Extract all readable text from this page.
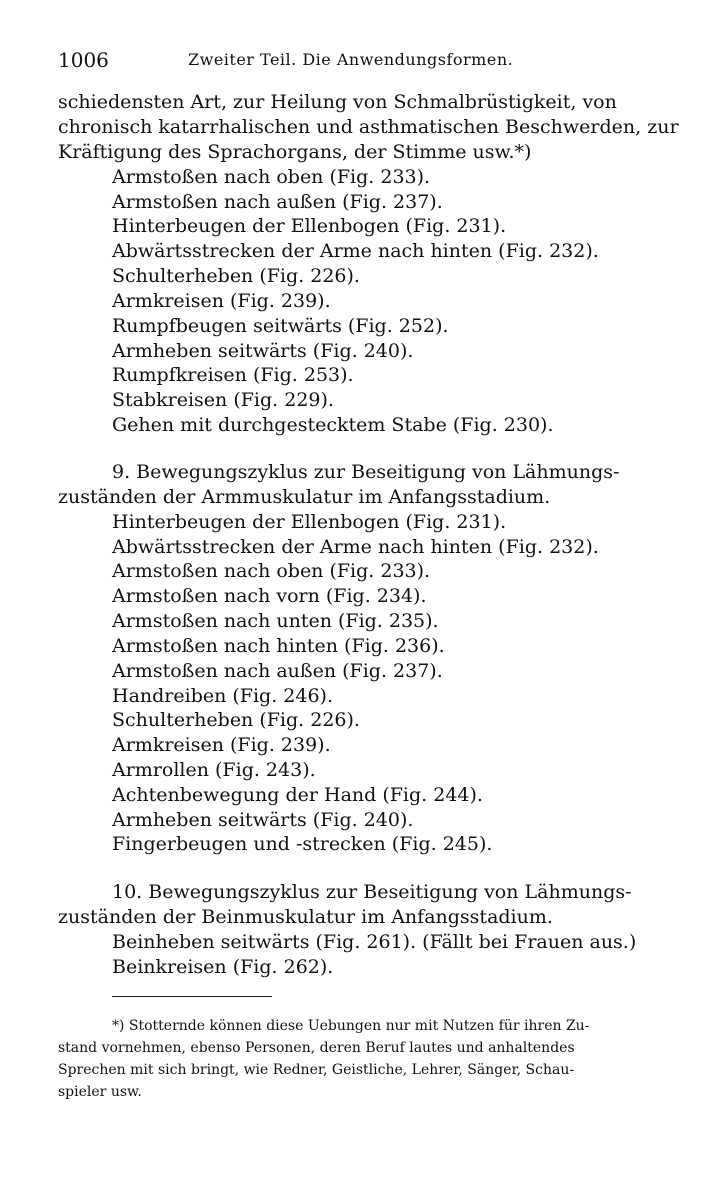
1006	Zweiter Teil. Die Anwendungsformen.
schiedensten Art, zur Heilung von Schmalbrüstigkeit, von
chronisch katarrhalischen und asthmatischen Beschwerden, zur
Kräftigung des Sprachorgans, der Stimme usw.*)
Armstoßen nach oben (Fig. 233).
Armstoßen nach außen (Fig. 237).
Hinterbeugen der Ellenbogen (Fig. 231).
Abwärtsstrecken der Arme nach hinten (Fig. 232).
Schulterheben (Fig. 226).
Armkreisen (Fig. 239).
Rumpfbeugen seitwärts (Fig. 252).
Armheben seitwärts (Fig. 240).
Rumpfkreisen (Fig. 253).
Stabkreisen (Fig. 229).
Gehen mit durchgestecktem Stabe (Fig. 230).
9. Bewegungszyklus zur Beseitigung von Lähmungs-
zuständen der Armmuskulatur im Anfangsstadium.
Hinterbeugen der Ellenbogen (Fig. 231).
Abwärtsstrecken der Arme nach hinten (Fig. 232).
Armstoßen nach oben (Fig. 233).
Armstoßen nach vorn (Fig. 234).
Armstoßen nach unten (Fig. 235).
Armstoßen nach hinten (Fig. 236).
Armstoßen nach außen (Fig. 237).
Handreiben (Fig. 246).
Schulterheben (Fig. 226).
Armkreisen (Fig. 239).
Armrollen (Fig. 243).
Achtenbewegung der Hand (Fig. 244).
Armheben seitwärts (Fig. 240).
Fingerbeugen und -strecken (Fig. 245).
10. Bewegungszyklus zur Beseitigung von Lähmungs-
zuständen der Beinmuskulatur im Anfangsstadium.
Beinheben seitwärts (Fig. 261). (Fällt bei Frauen aus.)
Beinkreisen (Fig. 262).
*) Stotternde können diese Uebungen nur mit Nutzen für ihren Zu-
stand vornehmen, ebenso Personen, deren Beruf lautes und anhaltendes
Sprechen mit sich bringt, wie Redner, Geistliche, Lehrer, Sänger, Schau-
spieler usw.
